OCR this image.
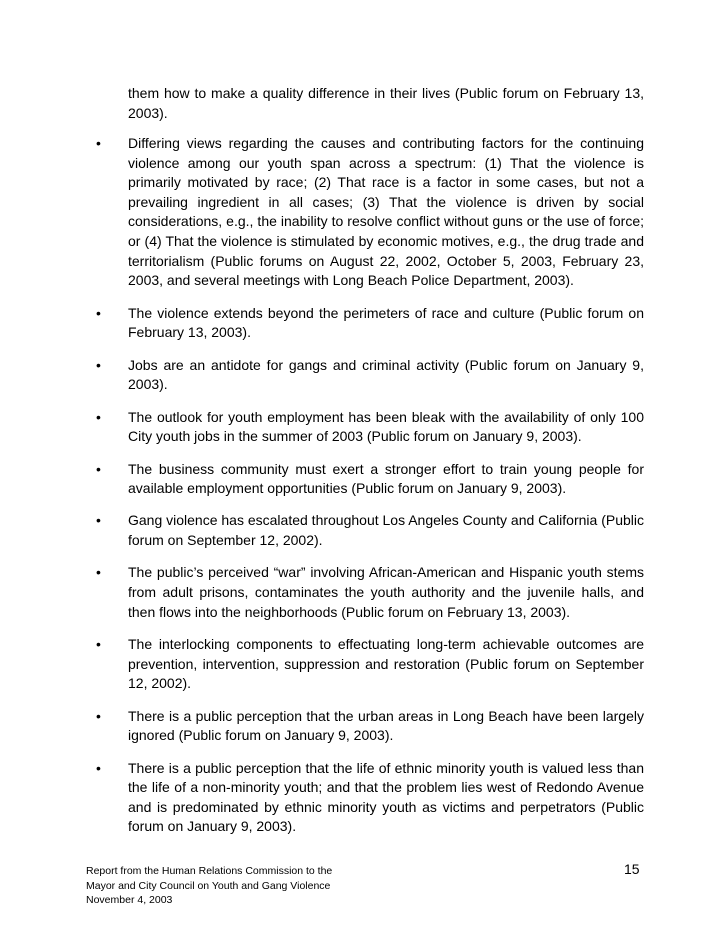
them how to make a quality difference in their lives (Public forum on February 13, 2003).

•	Differing views regarding the causes and contributing factors for the continuing violence among our youth span across a spectrum: (1) That the violence is primarily motivated by race; (2) That race is a factor in some cases, but not a prevailing ingredient in all cases; (3) That the violence is driven by social considerations, e.g., the inability to resolve conflict without guns or the use of force; or (4) That the violence is stimulated by economic motives, e.g., the drug trade and territorialism (Public forums on August 22, 2002, October 5, 2003, February 23, 2003, and several meetings with Long Beach Police Department, 2003).
•	The violence extends beyond the perimeters of race and culture (Public forum on February 13, 2003).
•	Jobs are an antidote for gangs and criminal activity (Public forum on January 9, 2003).
•	The outlook for youth employment has been bleak with the availability of only 100 City youth jobs in the summer of 2003 (Public forum on January 9, 2003).
•	The business community must exert a stronger effort to train young people for available employment opportunities (Public forum on January 9, 2003).
•	Gang violence has escalated throughout Los Angeles County and California (Public forum on September 12, 2002).
•	The public’s perceived “war” involving African-American and Hispanic youth stems from adult prisons, contaminates the youth authority and the juvenile halls, and then flows into the neighborhoods (Public forum on February 13, 2003).
•	The interlocking components to effectuating long-term achievable outcomes are prevention, intervention, suppression and restoration (Public forum on September 12, 2002).
•	There is a public perception that the urban areas in Long Beach have been largely ignored (Public forum on January 9, 2003).
•	There is a public perception that the life of ethnic minority youth is valued less than the life of a non-minority youth; and that the problem lies west of Redondo Avenue and is predominated by ethnic minority youth as victims and perpetrators (Public forum on January 9, 2003).
Report from the Human Relations Commission to the
Mayor and City Council on Youth and Gang Violence
November 4, 2003
15
